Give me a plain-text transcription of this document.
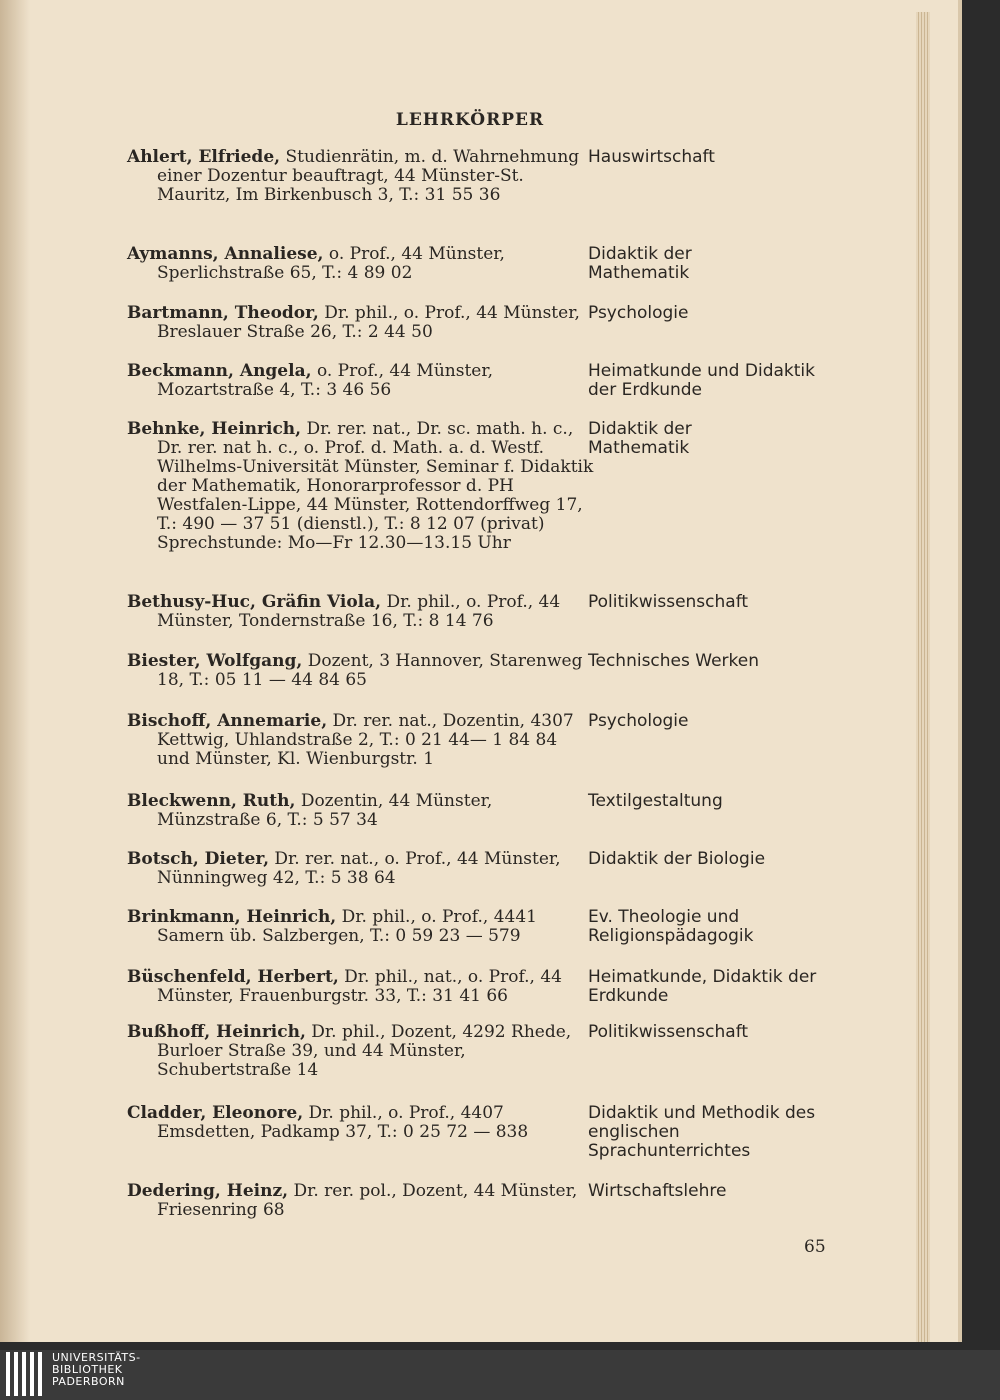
LEHRKÖRPER
Ahlert, Elfriede, Studienrätin, m. d. Wahrnehmung einer Dozentur beauftragt, 44 Münster-St. Mauritz, Im Birkenbusch 3, T.: 31 55 36
Hauswirtschaft
Aymanns, Annaliese, o. Prof., 44 Münster, Sperlichstraße 65, T.: 4 89 02
Didaktik der Mathematik
Bartmann, Theodor, Dr. phil., o. Prof., 44 Münster, Breslauer Straße 26, T.: 2 44 50
Psychologie
Beckmann, Angela, o. Prof., 44 Münster, Mozartstraße 4, T.: 3 46 56
Heimatkunde und Didaktik der Erdkunde
Behnke, Heinrich, Dr. rer. nat., Dr. sc. math. h. c., Dr. rer. nat h. c., o. Prof. d. Math. a. d. Westf. Wilhelms-Universität Münster, Seminar f. Didaktik der Mathematik, Honorarprofessor d. PH Westfalen-Lippe, 44 Münster, Rottendorffweg 17, T.: 490 — 37 51 (dienstl.), T.: 8 12 07 (privat) Sprechstunde: Mo—Fr 12.30—13.15 Uhr
Didaktik der Mathematik
Bethusy-Huc, Gräfin Viola, Dr. phil., o. Prof., 44 Münster, Tondernstraße 16, T.: 8 14 76
Politikwissenschaft
Biester, Wolfgang, Dozent, 3 Hannover, Starenweg 18, T.: 05 11 — 44 84 65
Technisches Werken
Bischoff, Annemarie, Dr. rer. nat., Dozentin, 4307 Kettwig, Uhlandstraße 2, T.: 0 21 44— 1 84 84 und Münster, Kl. Wienburgstr. 1
Psychologie
Bleckwenn, Ruth, Dozentin, 44 Münster, Münzstraße 6, T.: 5 57 34
Textilgestaltung
Botsch, Dieter, Dr. rer. nat., o. Prof., 44 Münster, Nünningweg 42, T.: 5 38 64
Didaktik der Biologie
Brinkmann, Heinrich, Dr. phil., o. Prof., 4441 Samern üb. Salzbergen, T.: 0 59 23 — 579
Ev. Theologie und Religionspädagogik
Büschenfeld, Herbert, Dr. phil., nat., o. Prof., 44 Münster, Frauenburgstr. 33, T.: 31 41 66
Heimatkunde, Didaktik der Erdkunde
Bußhoff, Heinrich, Dr. phil., Dozent, 4292 Rhede, Burloer Straße 39, und 44 Münster, Schubertstraße 14
Politikwissenschaft
Cladder, Eleonore, Dr. phil., o. Prof., 4407 Emsdetten, Padkamp 37, T.: 0 25 72 — 838
Didaktik und Methodik des englischen Sprachunterrichtes
Dedering, Heinz, Dr. rer. pol., Dozent, 44 Münster, Friesenring 68
Wirtschaftslehre
65
UNIVERSITÄTS-
BIBLIOTHEK
PADERBORN
